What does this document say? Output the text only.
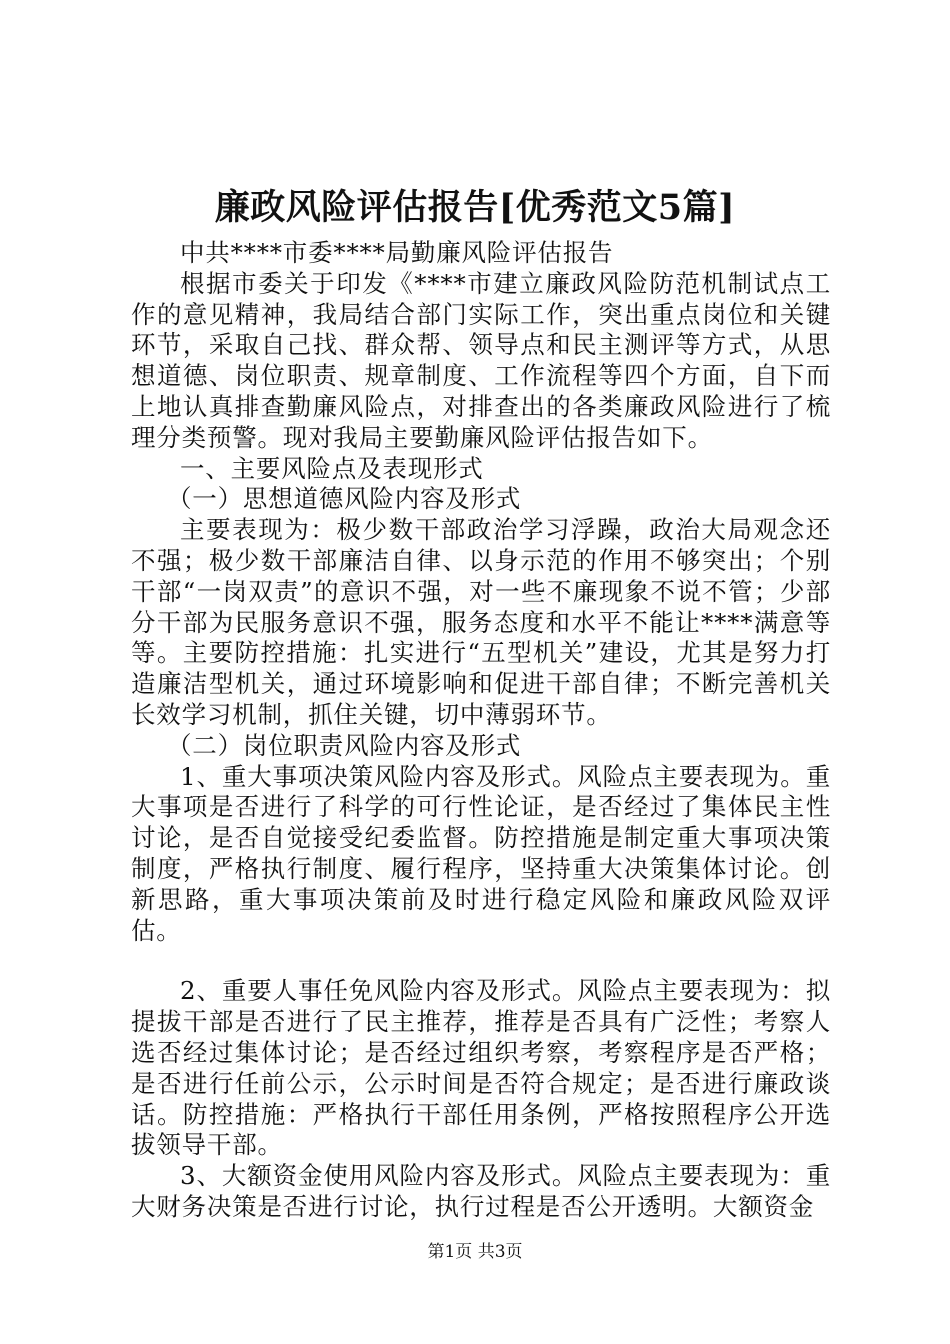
廉政风险评估报告[优秀范文5篇]

中共****市委****局勤廉风险评估报告

根据市委关于印发《****市建立廉政风险防范机制试点工作的意见精神，我局结合部门实际工作，突出重点岗位和关键环节，采取自己找、群众帮、领导点和民主测评等方式，从思想道德、岗位职责、规章制度、工作流程等四个方面，自下而上地认真排查勤廉风险点，对排查出的各类廉政风险进行了梳理分类预警。现对我局主要勤廉风险评估报告如下。

一、主要风险点及表现形式

（一）思想道德风险内容及形式

主要表现为：极少数干部政治学习浮躁，政治大局观念还不强；极少数干部廉洁自律、以身示范的作用不够突出；个别干部“一岗双责”的意识不强，对一些不廉现象不说不管；少部分干部为民服务意识不强，服务态度和水平不能让****满意等等。主要防控措施：扎实进行“五型机关”建设，尤其是努力打造廉洁型机关，通过环境影响和促进干部自律；不断完善机关长效学习机制，抓住关键，切中薄弱环节。

（二）岗位职责风险内容及形式

1、重大事项决策风险内容及形式。风险点主要表现为。重大事项是否进行了科学的可行性论证，是否经过了集体民主性讨论，是否自觉接受纪委监督。防控措施是制定重大事项决策制度，严格执行制度、履行程序，坚持重大决策集体讨论。创新思路，重大事项决策前及时进行稳定风险和廉政风险双评估。

2、重要人事任免风险内容及形式。风险点主要表现为：拟提拔干部是否进行了民主推荐，推荐是否具有广泛性；考察人选否经过集体讨论；是否经过组织考察，考察程序是否严格；是否进行任前公示，公示时间是否符合规定；是否进行廉政谈话。防控措施：严格执行干部任用条例，严格按照程序公开选拔领导干部。

3、大额资金使用风险内容及形式。风险点主要表现为：重大财务决策是否进行讨论，执行过程是否公开透明。大额资金

第1页 共3页
